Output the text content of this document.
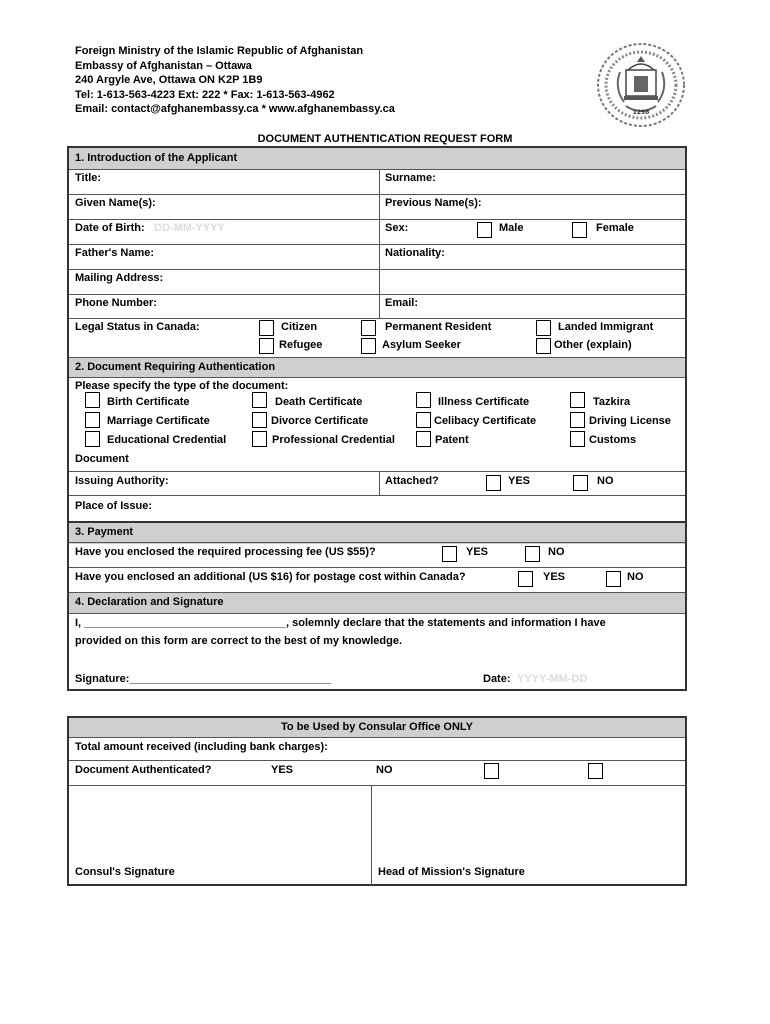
Foreign Ministry of the Islamic Republic of Afghanistan
Embassy of Afghanistan – Ottawa
240 Argyle Ave, Ottawa ON K2P 1B9
Tel: 1-613-563-4223 Ext: 222 * Fax: 1-613-563-4962
Email: contact@afghanembassy.ca * www.afghanembassy.ca	1298
DOCUMENT AUTHENTICATION REQUEST FORM
1. Introduction of the Applicant
Title:	Surname:
Given Name(s):	Previous Name(s):
Date of Birth: DD-MM-YYYY	Sex:	Male	Female
Father's Name:	Nationality:
Mailing Address:
Phone Number:	Email:
Legal Status in Canada:	Citizen	Permanent Resident	Landed Immigrant
Refugee	Asylum Seeker	Other (explain)
2. Document Requiring Authentication
Please specify the type of the document:
Birth Certificate	Death Certificate	Illness Certificate	Tazkira
Marriage Certificate	Divorce Certificate	Celibacy Certificate	Driving License
Educational Credential	Professional Credential	Patent	Customs
Document
Issuing Authority:	Attached?	YES	NO
Place of Issue:
3. Payment
Have you enclosed the required processing fee (US $55)?	YES	NO
Have you enclosed an additional (US $16) for postage cost within Canada?	YES	NO
4. Declaration and Signature
I, _________________________________, solemnly declare that the statements and information I have
provided on this form are correct to the best of my knowledge.
Signature:_________________________________	Date: YYYY-MM-DD
To be Used by Consular Office ONLY
Total amount received (including bank charges):
Document Authenticated?	YES	NO
Consul's Signature	Head of Mission's Signature
